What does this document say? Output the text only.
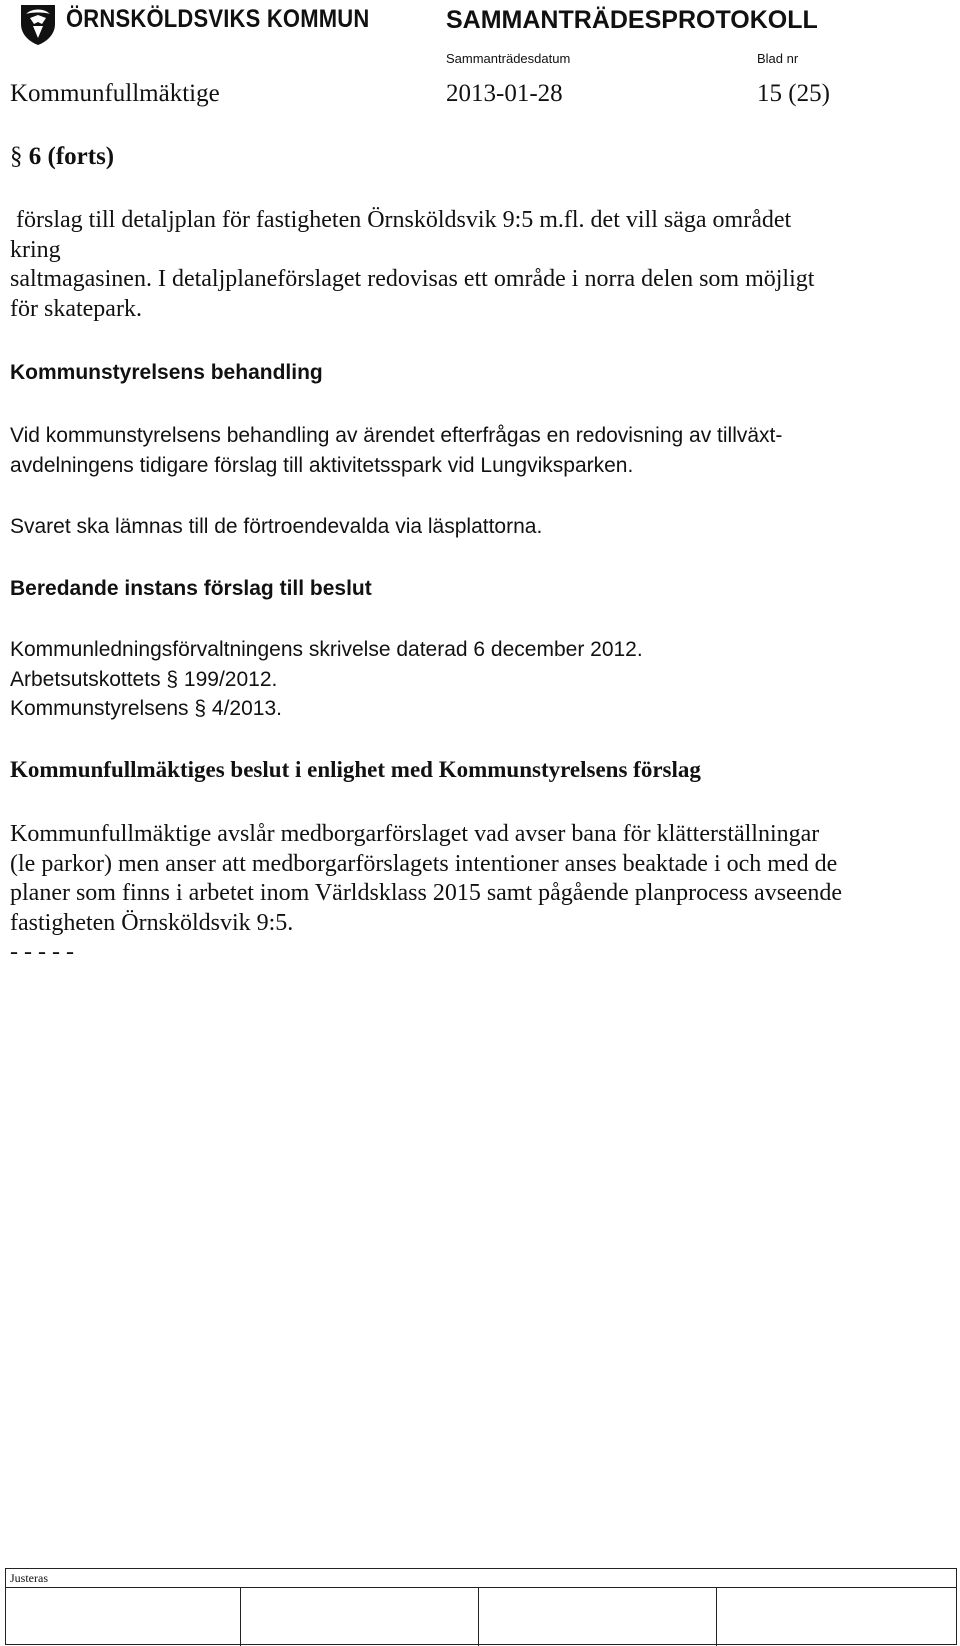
ÖRNSKÖLDSVIKS KOMMUN	SAMMANTRÄDESPROTOKOLL
Sammanträdesdatum	Blad nr
Kommunfullmäktige	2013-01-28	15 (25)
§ 6 (forts)
förslag till detaljplan för fastigheten Örnsköldsvik 9:5 m.fl. det vill säga området
kring
saltmagasinen. I detaljplaneförslaget redovisas ett område i norra delen som möjligt
för skatepark.
Kommunstyrelsens behandling
Vid kommunstyrelsens behandling av ärendet efterfrågas en redovisning av tillväxt-
avdelningens tidigare förslag till aktivitetsspark vid Lungviksparken.
Svaret ska lämnas till de förtroendevalda via läsplattorna.
Beredande instans förslag till beslut
Kommunledningsförvaltningens skrivelse daterad 6 december 2012.
Arbetsutskottets § 199/2012.
Kommunstyrelsens § 4/2013.
Kommunfullmäktiges beslut i enlighet med Kommunstyrelsens förslag
Kommunfullmäktige avslår medborgarförslaget vad avser bana för klätterställningar
(le parkor) men anser att medborgarförslagets intentioner anses beaktade i och med de
planer som finns i arbetet inom Världsklass 2015 samt pågående planprocess avseende
fastigheten Örnsköldsvik 9:5.
- - - - -
Justeras
